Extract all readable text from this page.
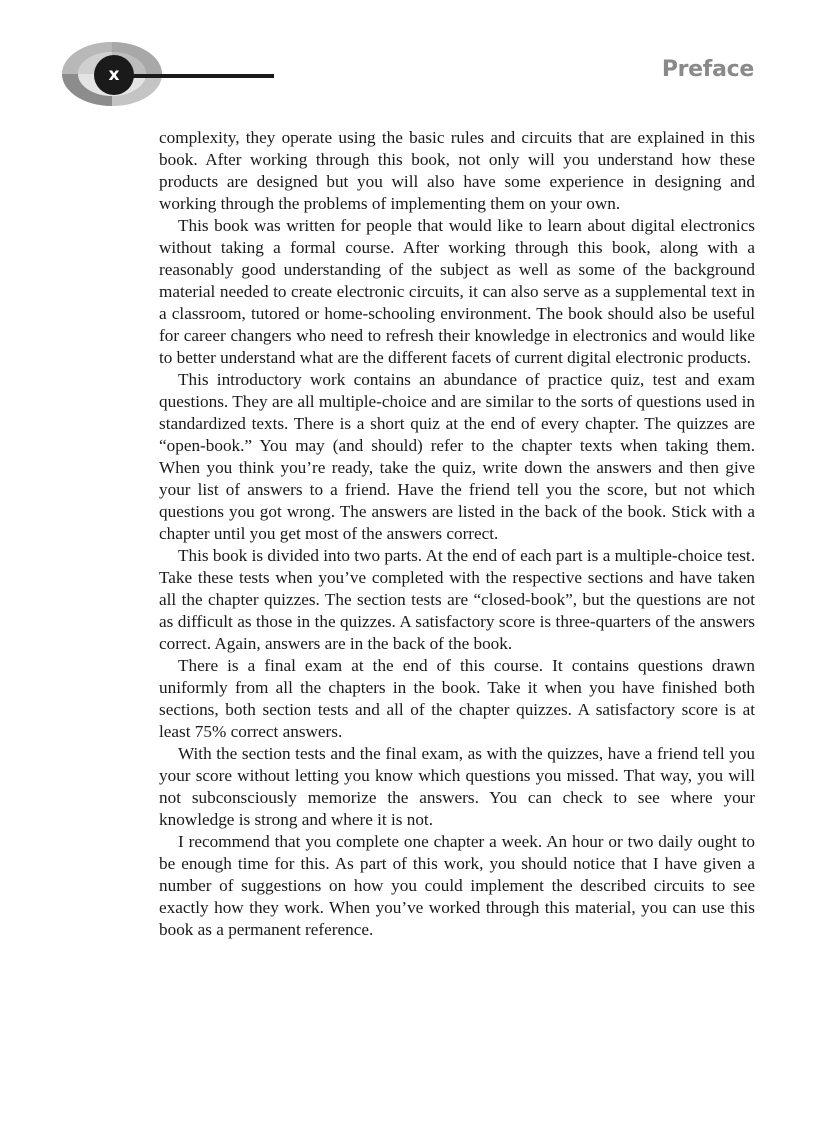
x	Preface

complexity, they operate using the basic rules and circuits that are explained in this book. After working through this book, not only will you understand how these products are designed but you will also have some experience in designing and working through the problems of implementing them on your own.

This book was written for people that would like to learn about digital electronics without taking a formal course. After working through this book, along with a reasonably good understanding of the subject as well as some of the background material needed to create electronic circuits, it can also serve as a supplemental text in a classroom, tutored or home-schooling environment. The book should also be useful for career changers who need to refresh their knowledge in electronics and would like to better understand what are the different facets of current digital electronic products.

This introductory work contains an abundance of practice quiz, test and exam questions. They are all multiple-choice and are similar to the sorts of questions used in standardized texts. There is a short quiz at the end of every chapter. The quizzes are “open-book.” You may (and should) refer to the chapter texts when taking them. When you think you’re ready, take the quiz, write down the answers and then give your list of answers to a friend. Have the friend tell you the score, but not which questions you got wrong. The answers are listed in the back of the book. Stick with a chapter until you get most of the answers correct.

This book is divided into two parts. At the end of each part is a multiple-choice test. Take these tests when you’ve completed with the respective sections and have taken all the chapter quizzes. The section tests are “closed-book”, but the questions are not as difficult as those in the quizzes. A satisfactory score is three-quarters of the answers correct. Again, answers are in the back of the book.

There is a final exam at the end of this course. It contains questions drawn uniformly from all the chapters in the book. Take it when you have finished both sections, both section tests and all of the chapter quizzes. A satisfactory score is at least 75% correct answers.

With the section tests and the final exam, as with the quizzes, have a friend tell you your score without letting you know which questions you missed. That way, you will not subconsciously memorize the answers. You can check to see where your knowledge is strong and where it is not.

I recommend that you complete one chapter a week. An hour or two daily ought to be enough time for this. As part of this work, you should notice that I have given a number of suggestions on how you could implement the described circuits to see exactly how they work. When you’ve worked through this material, you can use this book as a permanent reference.
